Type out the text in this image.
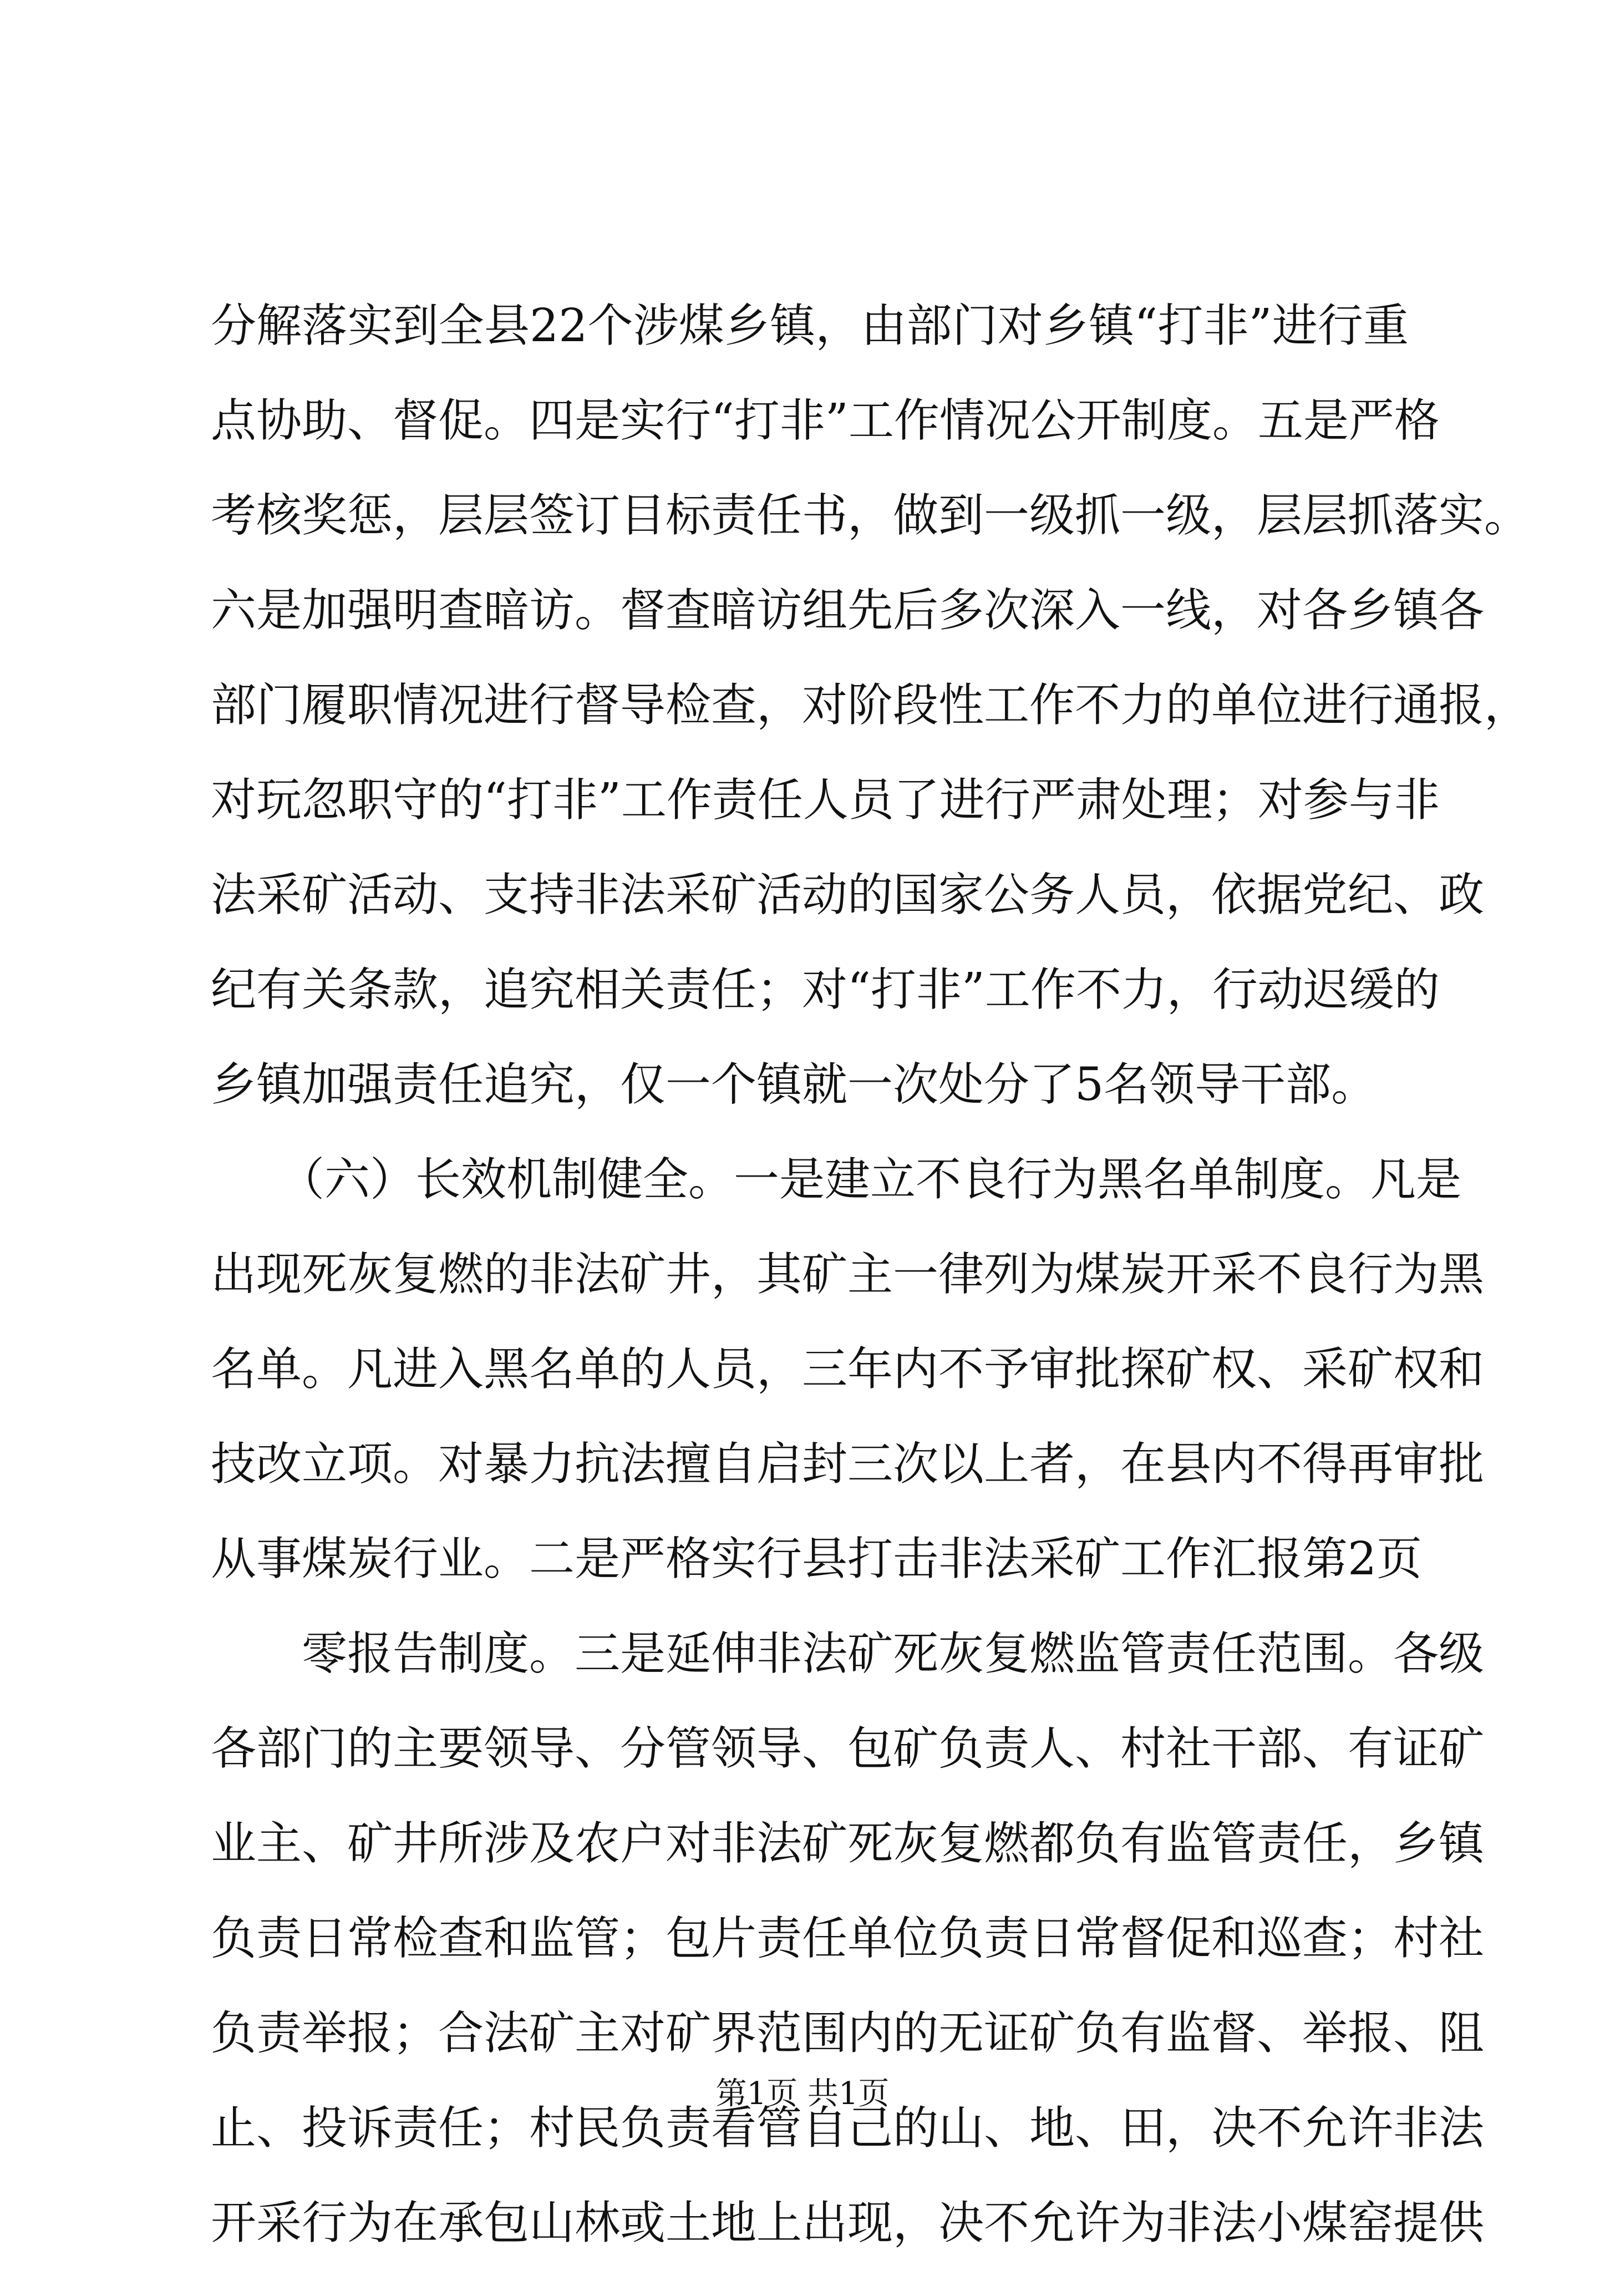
分解落实到全县22个涉煤乡镇，由部门对乡镇“打非”进行重
点协助、督促。四是实行“打非”工作情况公开制度。五是严格
考核奖惩，层层签订目标责任书，做到一级抓一级，层层抓落实。
六是加强明查暗访。督查暗访组先后多次深入一线，对各乡镇各
部门履职情况进行督导检查，对阶段性工作不力的单位进行通报，
对玩忽职守的“打非”工作责任人员了进行严肃处理；对参与非
法采矿活动、支持非法采矿活动的国家公务人员，依据党纪、政
纪有关条款，追究相关责任；对“打非”工作不力，行动迟缓的
乡镇加强责任追究，仅一个镇就一次处分了5名领导干部。
　　（六）长效机制健全。一是建立不良行为黑名单制度。凡是
出现死灰复燃的非法矿井，其矿主一律列为煤炭开采不良行为黑
名单。凡进入黑名单的人员，三年内不予审批探矿权、采矿权和
技改立项。对暴力抗法擅自启封三次以上者，在县内不得再审批
从事煤炭行业。二是严格实行县打击非法采矿工作汇报第2页
　　零报告制度。三是延伸非法矿死灰复燃监管责任范围。各级
各部门的主要领导、分管领导、包矿负责人、村社干部、有证矿
业主、矿井所涉及农户对非法矿死灰复燃都负有监管责任，乡镇
负责日常检查和监管；包片责任单位负责日常督促和巡查；村社
负责举报；合法矿主对矿界范围内的无证矿负有监督、举报、阻
止、投诉责任；村民负责看管自己的山、地、田，决不允许非法
开采行为在承包山林或土地上出现，决不允许为非法小煤窑提供
第1页 共1页
